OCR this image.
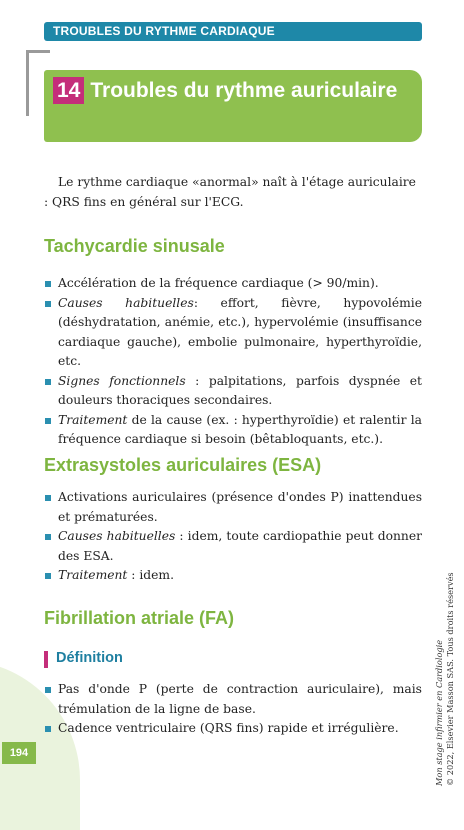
194
TROUBLES DU RYTHME CARDIAQUE
14 Troubles du rythme auriculaire

Le rythme cardiaque «anormal» naît à l'étage auriculaire : QRS fins en général sur l'ECG.

Tachycardie sinusale
Accélération de la fréquence cardiaque (> 90/min).
Causes habituelles: effort, fièvre, hypovolémie (déshydratation, anémie, etc.), hypervolémie (insuffisance cardiaque gauche), embolie pulmonaire, hyperthyroïdie, etc.
Signes fonctionnels : palpitations, parfois dyspnée et douleurs thoraciques secondaires.
Traitement de la cause (ex. : hyperthyroïdie) et ralentir la fréquence cardiaque si besoin (bêtabloquants, etc.).
Extrasystoles auriculaires (ESA)
Activations auriculaires (présence d'ondes P) inattendues et prématurées.
Causes habituelles : idem, toute cardiopathie peut donner des ESA.
Traitement : idem.
Fibrillation atriale (FA)
Définition
Pas d'onde P (perte de contraction auriculaire), mais trémulation de la ligne de base.
Cadence ventriculaire (QRS fins) rapide et irrégulière.	Mon stage infirmier en Cardiologie © 2022, Elsevier Masson SAS. Tous droits réservés
